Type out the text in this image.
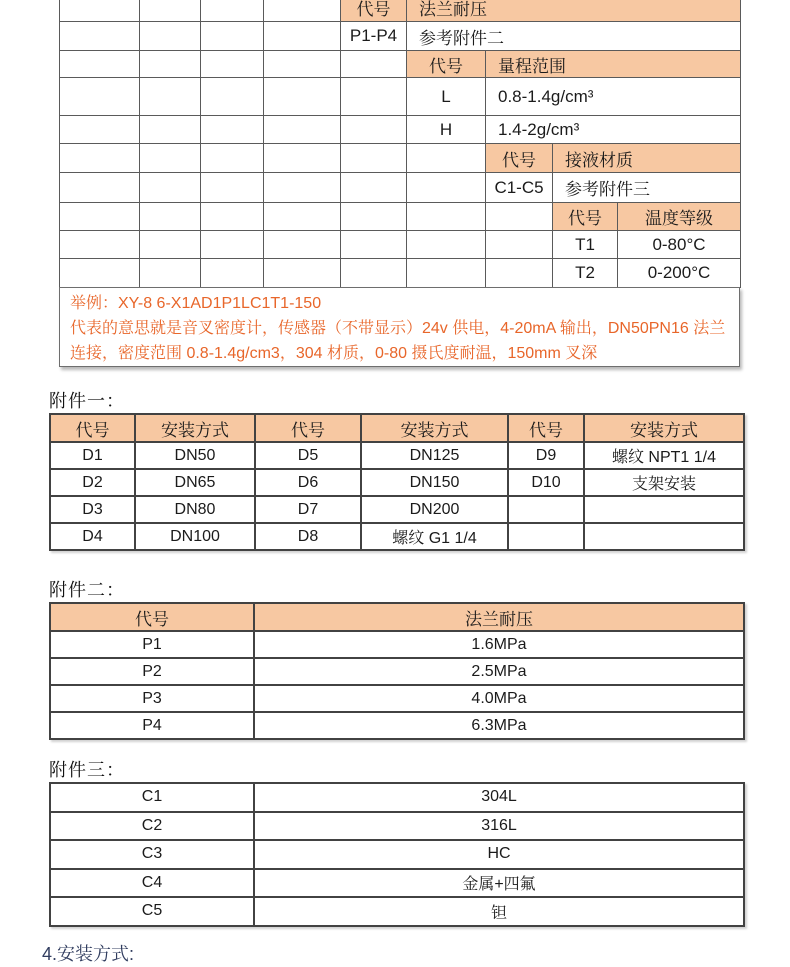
				代号	法兰耐压			
				P1-P4	参考附件二			
					代号	量程范围		
					L	0.8-1.4g/cm³		
					H	1.4-2g/cm³		
						代号	接液材质	
						C1-C5	参考附件三	
							代号	温度等级
							T1	0-80°C
							T2	0-200°C
举例：XY-8 6-X1AD1P1LC1T1-150
代表的意思就是音叉密度计，传感器（不带显示）24v 供电，4-20mA 输出，DN50PN16 法兰
连接，密度范围 0.8-1.4g/cm3，304 材质，0-80 摄氏度耐温，150mm 叉深
附件一：
代号	安装方式	代号	安装方式	代号	安装方式
D1	DN50	D5	DN125	D9	螺纹 NPT1 1/4
D2	DN65	D6	DN150	D10	支架安装
D3	DN80	D7	DN200		
D4	DN100	D8	螺纹 G1 1/4		
附件二：
代号	法兰耐压
P1	1.6MPa
P2	2.5MPa
P3	4.0MPa
P4	6.3MPa
附件三：
C1	304L
C2	316L
C3	HC
C4	金属+四氟
C5	钽
4.安装方式:
